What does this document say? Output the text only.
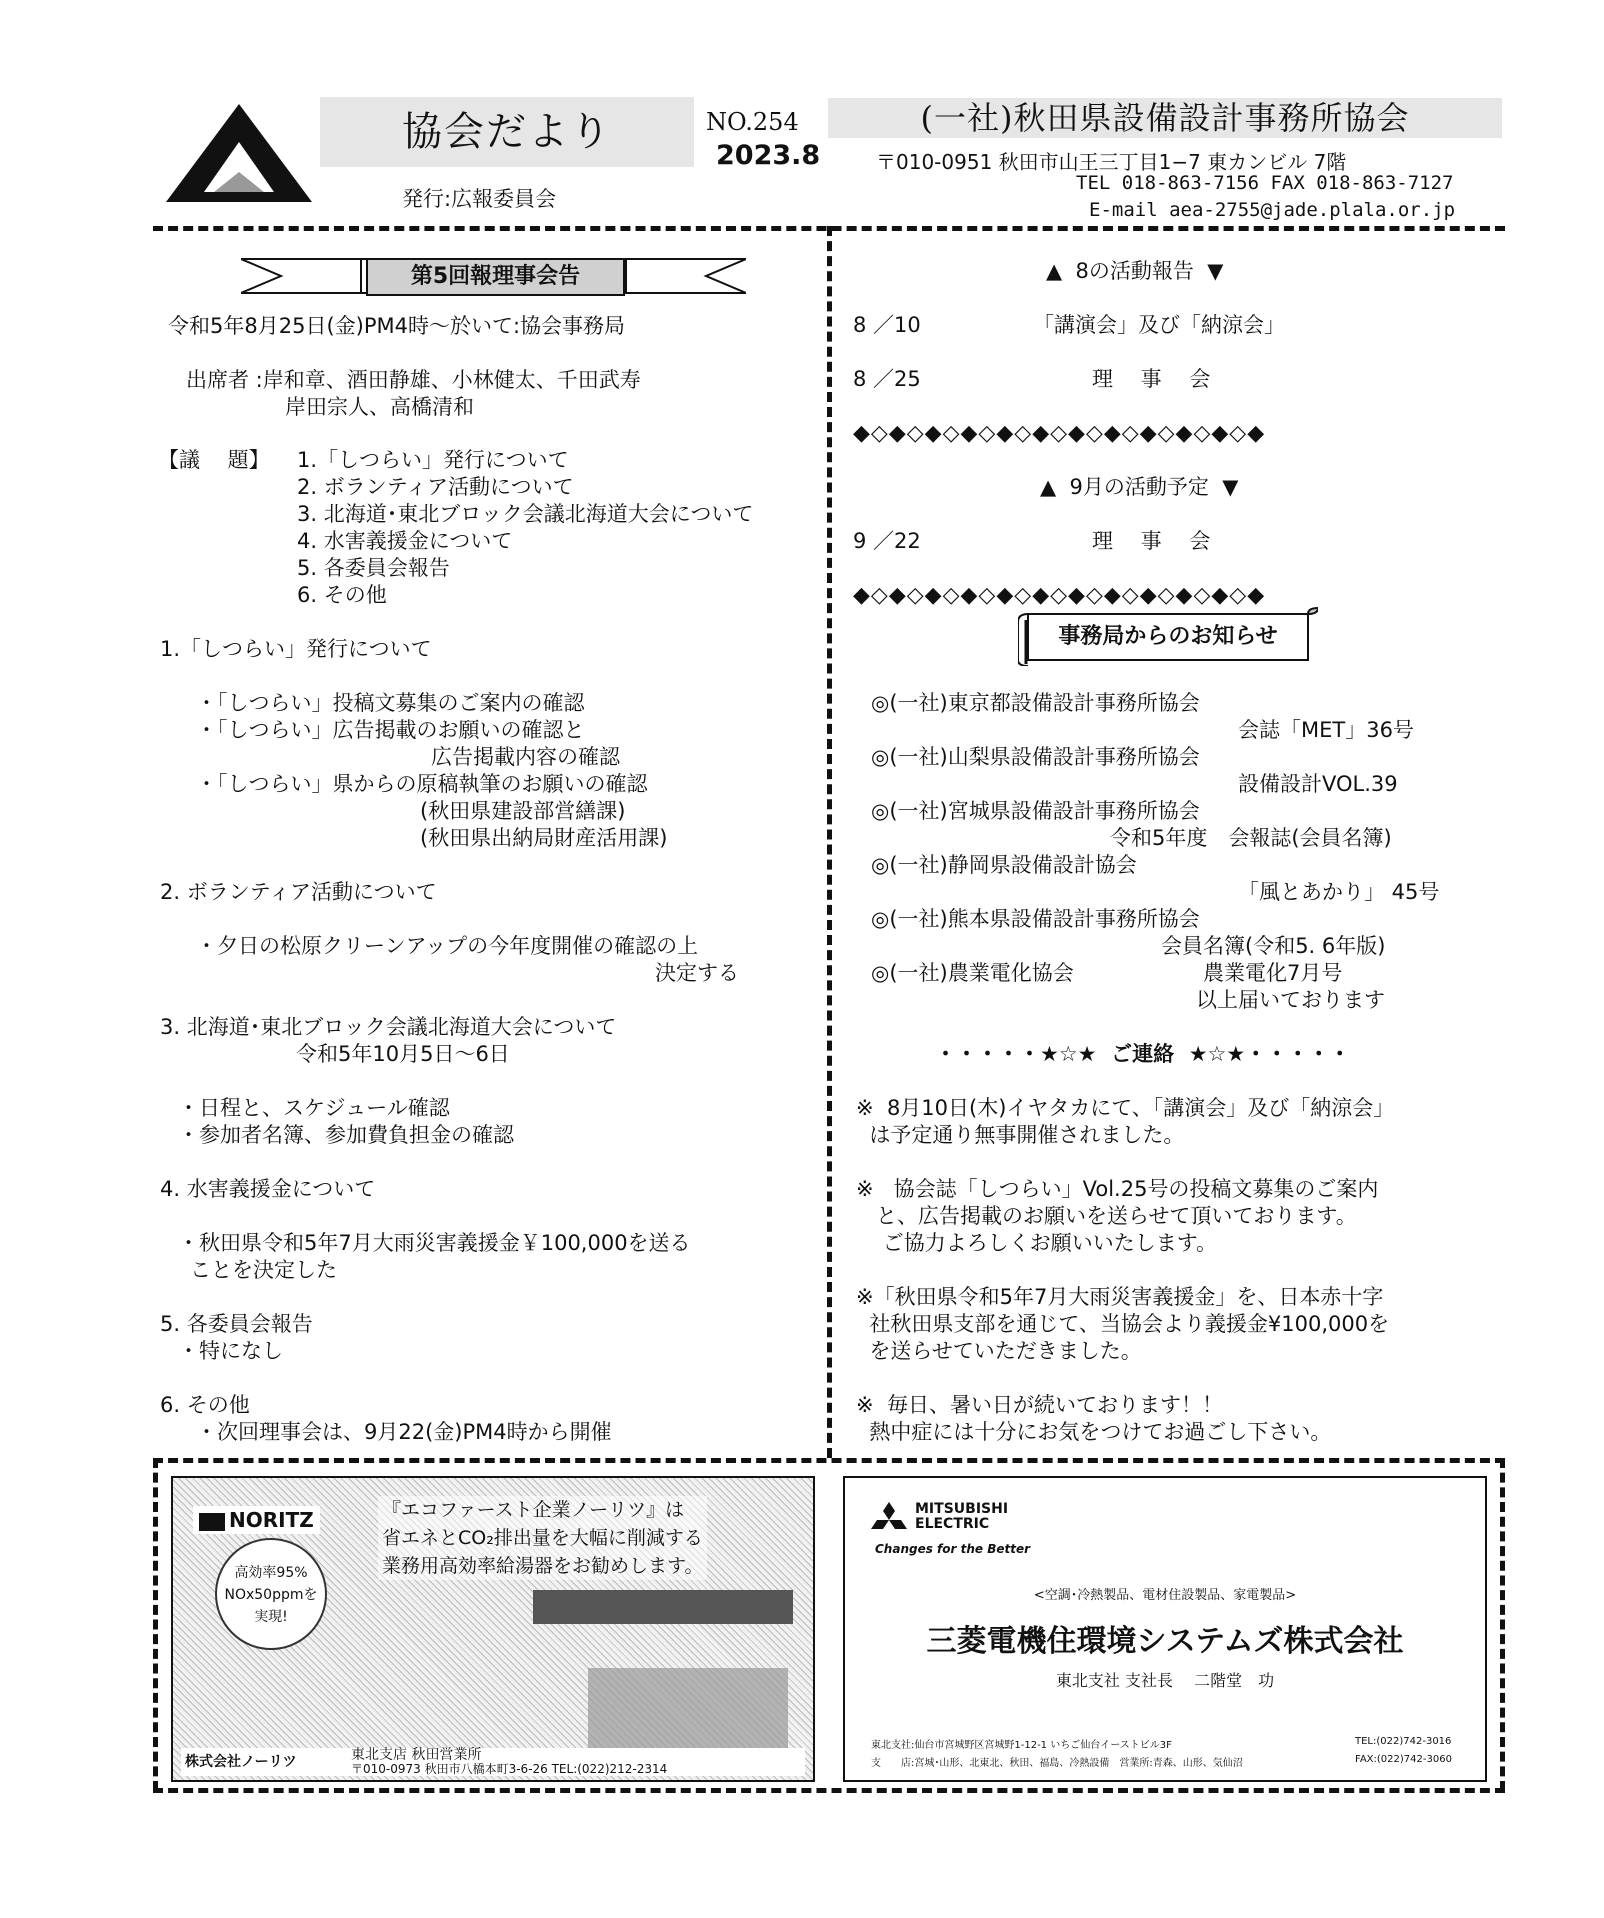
協会だより	NO.254
2023.8
(一社)秋田県設備設計事務所協会
発行:広報委員会
〒010-0951 秋田市山王三丁目1−7 東カンビル 7階
TEL 018-863-7156 FAX 018-863-7127
E-mail aea-2755@jade.plala.or.jp
第5回報理事会告
令和5年8月25日(金)PM4時～於いて:協会事務局
出席者 :岸和章、酒田静雄、小林健太、千田武寿
岸田宗人、高橋清和
【議　 題】 1.「しつらい」発行について
2. ボランティア活動について
3. 北海道･東北ブロック会議北海道大会について
4. 水害義援金について
5. 各委員会報告
6. その他
1.「しつらい」発行について
・「しつらい」投稿文募集のご案内の確認
・「しつらい」広告掲載のお願いの確認と
広告掲載内容の確認
・「しつらい」県からの原稿執筆のお願いの確認
(秋田県建設部営繕課)
(秋田県出納局財産活用課)
2. ボランティア活動について
・夕日の松原クリーンアップの今年度開催の確認の上
決定する
3. 北海道･東北ブロック会議北海道大会について
令和5年10月5日～6日
・日程と、スケジュール確認
・参加者名簿、参加費負担金の確認
4. 水害義援金について
・秋田県令和5年7月大雨災害義援金￥100,000を送る
ことを決定した
5. 各委員会報告
・特になし
6. その他
・次回理事会は、9月22(金)PM4時から開催
▲  8の活動報告  ▼
8 ／10	「講演会」及び「納涼会」
8 ／25	理　 事　 会
◆◇◆◇◆◇◆◇◆◇◆◇◆◇◆◇◆◇◆◇◆◇◆
▲  9月の活動予定  ▼
9 ／22	理　 事　 会
◆◇◆◇◆◇◆◇◆◇◆◇◆◇◆◇◆◇◆◇◆◇◆
事務局からのお知らせ
◎(一社)東京都設備設計事務所協会
会誌「MET」36号
◎(一社)山梨県設備設計事務所協会
設備設計VOL.39
◎(一社)宮城県設備設計事務所協会
令和5年度　会報誌(会員名簿)
◎(一社)静岡県設備設計協会
「風とあかり」 45号
◎(一社)熊本県設備設計事務所協会
会員名簿(令和5. 6年版)
◎(一社)農業電化協会	農業電化7月号
以上届いております
・・・・・★☆★  ご連絡  ★☆★・・・・・
※  8月10日(木)イヤタカにて、「講演会」及び「納涼会」
は予定通り無事開催されました。
※   協会誌「しつらい」Vol.25号の投稿文募集のご案内
と、広告掲載のお願いを送らせて頂いております。
ご協力よろしくお願いいたします。
※「秋田県令和5年7月大雨災害義援金」を、日本赤十字
社秋田県支部を通じて、当協会より義援金¥100,000を
を送らせていただきました。
※  毎日、暑い日が続いております！！
熱中症には十分にお気をつけてお過ごし下さい。
NORITZ	『エコファースト企業ノーリツ』は
省エネとCO₂排出量を大幅に削減する
業務用高効率給湯器をお勧めします。
高効率95%
NOx50ppmを
実現!
株式会社ノーリツ	東北支店 秋田営業所
〒010-0973 秋田市八橋本町3-6-26 TEL:(022)212-2314
MITSUBISHI
ELECTRIC
Changes for the Better
<空調･冷熱製品、電材住設製品、家電製品>
三菱電機住環境システムズ株式会社
東北支社 支社長　 二階堂　功
東北支社:仙台市宮城野区宮城野1-12-1 いちご仙台イーストビル3F	TEL:(022)742-3016
支　　店:宮城･山形、北東北、秋田、福島、冷熱設備　営業所:青森、山形、気仙沼	FAX:(022)742-3060
